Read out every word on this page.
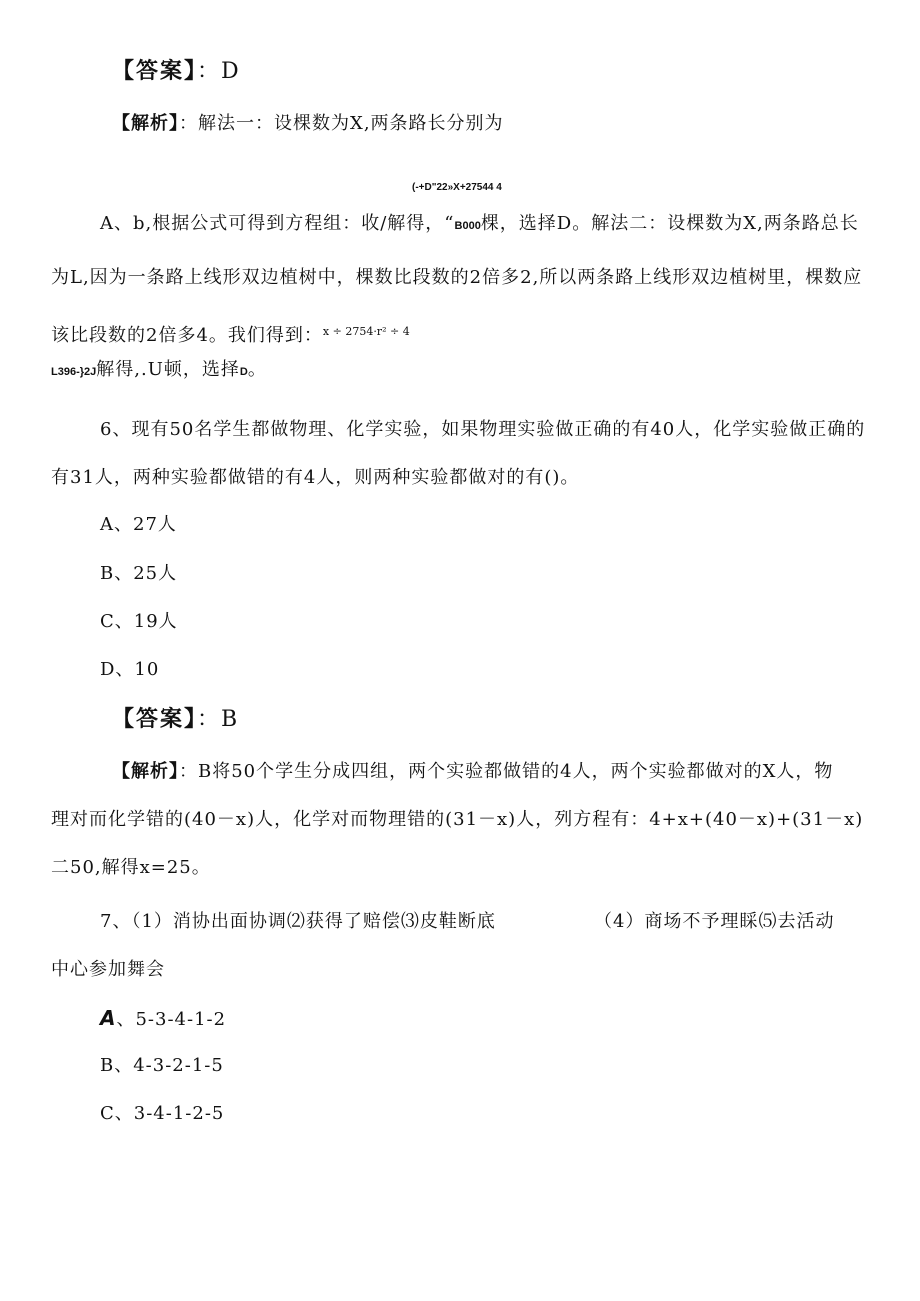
【答案】：D
【解析】：解法一：设棵数为X,两条路长分别为
(-+D"22»X+27544 4
A、b,根据公式可得到方程组：收/解得，“B000棵，选择D。解法二：设棵数为X,两条路总长
为L,因为一条路上线形双边植树中，棵数比段数的2倍多2,所以两条路上线形双边植树里，棵数应
该比段数的2倍多4。我们得到：$^{x \div 2754\cdot r^2 \div 4}$
L396-}2J解得,.U顿，选择D。
6、现有50名学生都做物理、化学实验，如果物理实验做正确的有40人，化学实验做正确的
有31人，两种实验都做错的有4人，则两种实验都做对的有()。
A、27人
B、25人
C、19人
D、10
【答案】：B
【解析】：B将50个学生分成四组，两个实验都做错的4人，两个实验都做对的X人，物
理对而化学错的(40－x)人，化学对而物理错的(31－x)人，列方程有：4+x+(40－x)+(31－x)
二50,解得x=25。
7、（1）消协出面协调⑵获得了赔偿⑶皮鞋断底	（4）商场不予理睬⑸去活动
中心参加舞会
A、5-3-4-1-2
B、4-3-2-1-5
C、3-4-1-2-5
